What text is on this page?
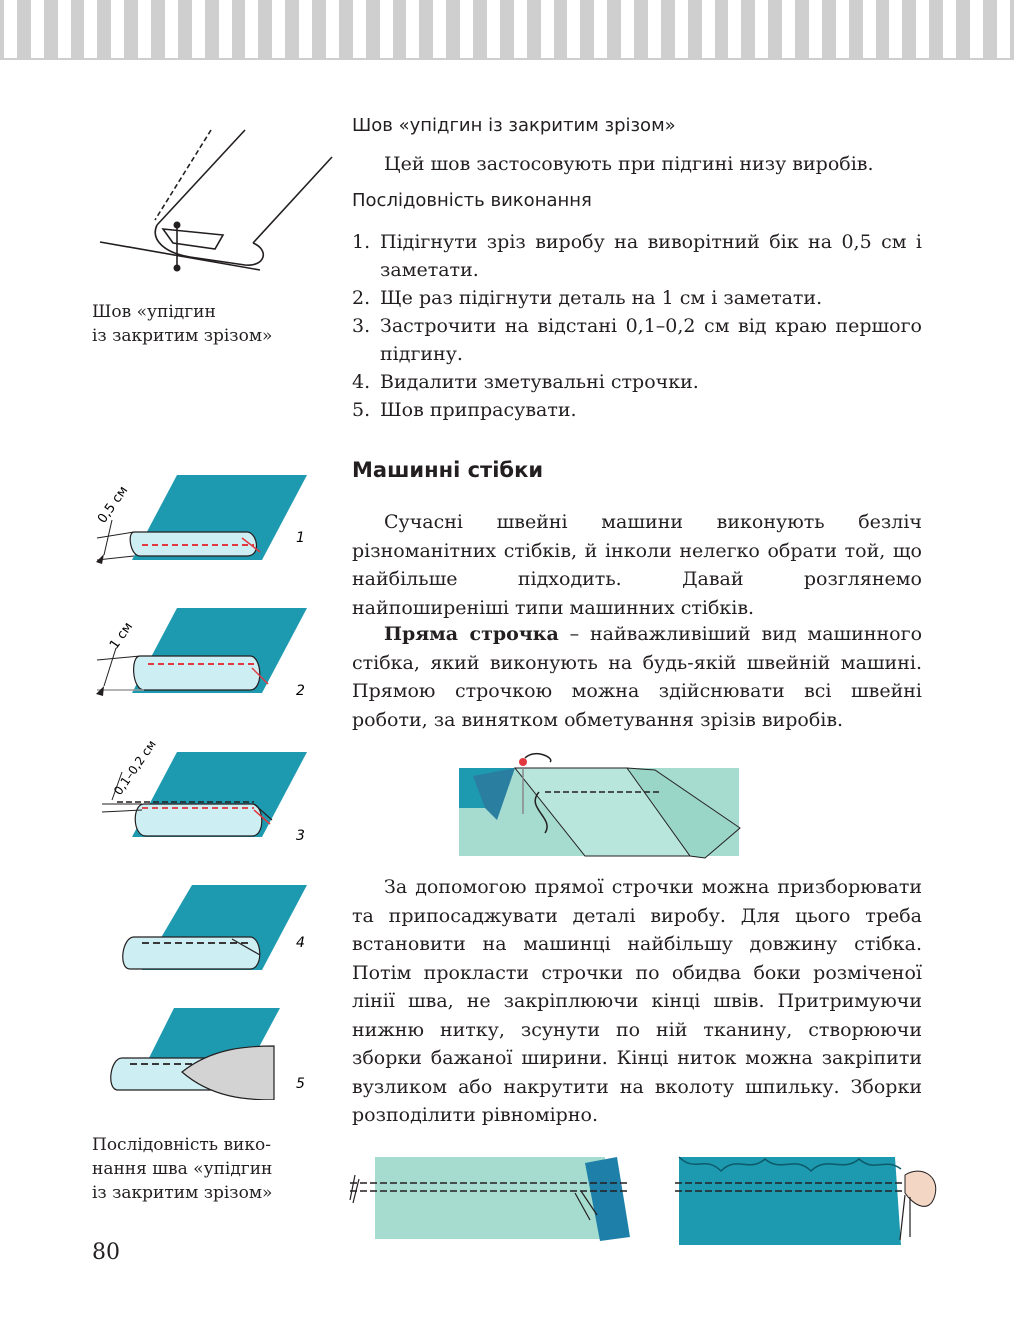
Шов «упідгин
із закритим зрізом»

0,5 см
1
1 см
2
0,1–0,2 см
3
4
5

Послідовність вико-
нання шва «упідгин
із закритим зрізом»

Шов «упідгин із закритим зрізом»

Цей шов застосовують при підгині низу виробів.

Послідовність виконання
1. Підігнути зріз виробу на виворітний бік на 0,5 см і заметати.
2. Ще раз підігнути деталь на 1 см і заметати.
3. Застрочити на відстані 0,1–0,2 см від краю першого підгину.
4. Видалити зметувальні строчки.
5. Шов припрасувати.
Машинні стібки

Сучасні швейні машини виконують безліч різноманітних стібків, й інколи нелегко обрати той, що найбільше підходить. Давай розглянемо найпоширеніші типи машинних стібків.

Пряма строчка – найважливіший вид машинного стібка, який виконують на будь-якій швейній машині. Прямою строчкою можна здійснювати всі швейні роботи, за винятком обметування зрізів виробів.

За допомогою прямої строчки можна призборювати та припосаджувати деталі виробу. Для цього треба встановити на машинці найбільшу довжину стібка. Потім прокласти строчки по обидва боки розміченої лінії шва, не закріплюючи кінці швів. Притримуючи нижню нитку, зсунути по ній тканину, створюючи зборки бажаної ширини. Кінці ниток можна закріпити вузликом або накрутити на вколоту шпильку. Зборки розподілити рівномірно.

80
